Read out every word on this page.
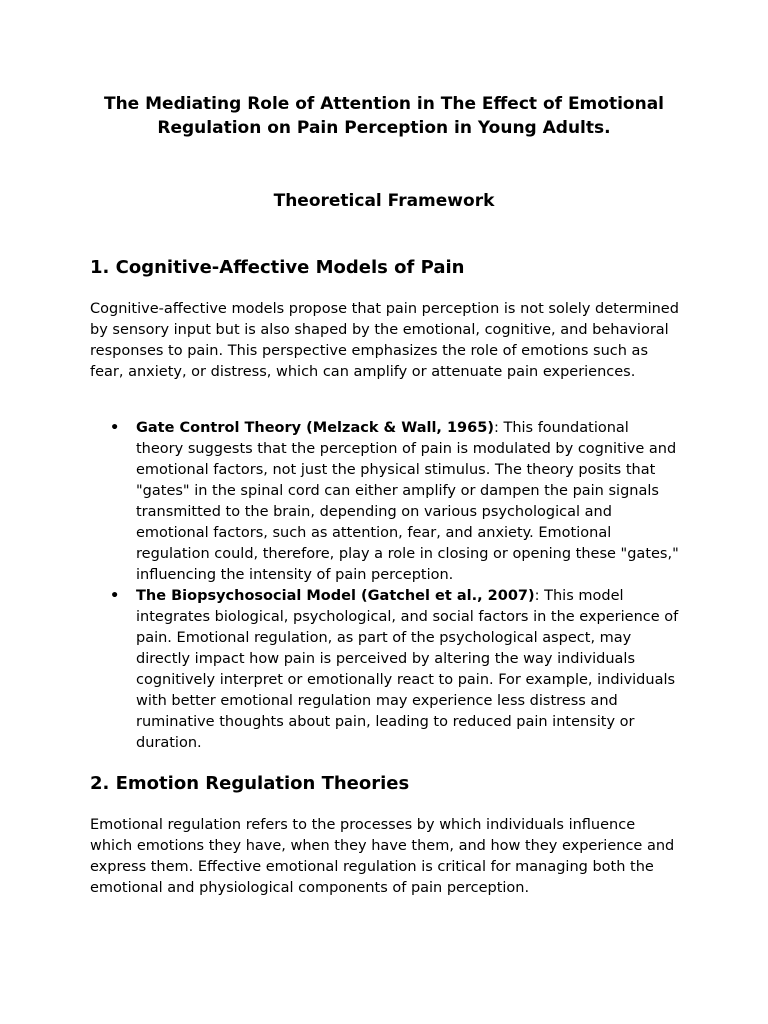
The Mediating Role of Attention in The Effect of Emotional Regulation on Pain Perception in Young Adults.
Theoretical Framework
1. Cognitive-Affective Models of Pain

Cognitive-affective models propose that pain perception is not solely determined by sensory input but is also shaped by the emotional, cognitive, and behavioral responses to pain. This perspective emphasizes the role of emotions such as fear, anxiety, or distress, which can amplify or attenuate pain experiences.

• Gate Control Theory (Melzack & Wall, 1965): This foundational theory suggests that the perception of pain is modulated by cognitive and emotional factors, not just the physical stimulus. The theory posits that "gates" in the spinal cord can either amplify or dampen the pain signals transmitted to the brain, depending on various psychological and emotional factors, such as attention, fear, and anxiety. Emotional regulation could, therefore, play a role in closing or opening these "gates," influencing the intensity of pain perception.
• The Biopsychosocial Model (Gatchel et al., 2007): This model integrates biological, psychological, and social factors in the experience of pain. Emotional regulation, as part of the psychological aspect, may directly impact how pain is perceived by altering the way individuals cognitively interpret or emotionally react to pain. For example, individuals with better emotional regulation may experience less distress and ruminative thoughts about pain, leading to reduced pain intensity or duration.
2. Emotion Regulation Theories

Emotional regulation refers to the processes by which individuals influence which emotions they have, when they have them, and how they experience and express them. Effective emotional regulation is critical for managing both the emotional and physiological components of pain perception.
